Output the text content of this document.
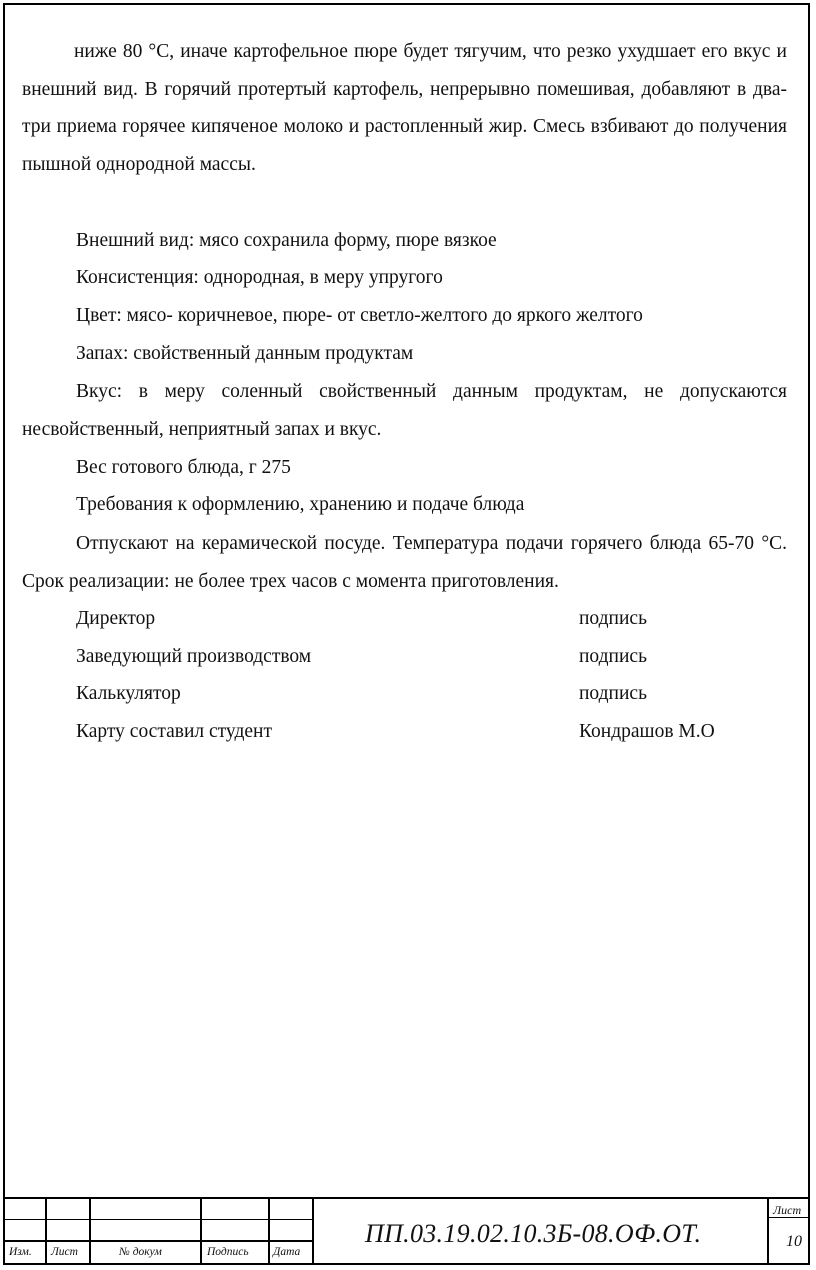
ниже 80 °С, иначе картофельное пюре будет тягучим, что резко ухудшает его вкус и внешний вид. В горячий протертый картофель, непрерывно помешивая, добавляют в два-три приема горячее кипяченое молоко и растопленный жир. Смесь взбивают до получения пышной однородной массы.

Внешний вид: мясо сохранила форму, пюре вязкое
Консистенция: однородная, в меру упругого
Цвет: мясо- коричневое, пюре- от светло-желтого до яркого желтого
Запах: свойственный данным продуктам

Вкус: в меру соленный свойственный данным продуктам, не допускаются несвойственный, неприятный запах и вкус.

Вес готового блюда, г 275
Требования к оформлению, хранению и подаче блюда

Отпускают на керамической посуде. Температура подачи горячего блюда 65-70 °С. Срок реализации: не более трех часов с момента приготовления.

Директор	подпись
Заведующий производством	подпись
Калькулятор	подпись
Карту составил студент	Кондрашов М.О
Изм. Лист	№ докум	Подпись Дата
ПП.03.19.02.10.3Б-08.ОФ.ОТ.
Лист
10
